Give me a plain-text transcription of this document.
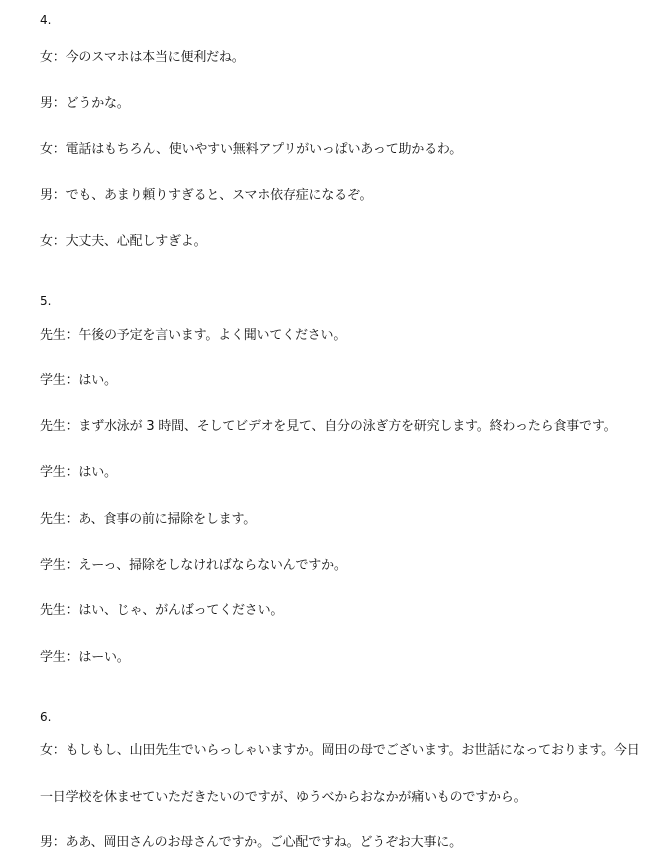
4.
女：今のスマホは本当に便利だね。
男：どうかな。
女：電話はもちろん、使いやすい無料アプリがいっぱいあって助かるわ。
男：でも、あまり頼りすぎると、スマホ依存症になるぞ。
女：大丈夫、心配しすぎよ。
5.
先生：午後の予定を言います。よく聞いてください。
学生：はい。
先生：まず水泳が 3 時間、そしてビデオを見て、自分の泳ぎ方を研究します。終わったら食事です。
学生：はい。
先生：あ、食事の前に掃除をします。
学生：えーっ、掃除をしなければならないんですか。
先生：はい、じゃ、がんばってください。
学生：はーい。
6.
女：もしもし、山田先生でいらっしゃいますか。岡田の母でございます。お世話になっております。今日
一日学校を休ませていただきたいのですが、ゆうべからおなかが痛いものですから。
男：ああ、岡田さんのお母さんですか。ご心配ですね。どうぞお大事に。
